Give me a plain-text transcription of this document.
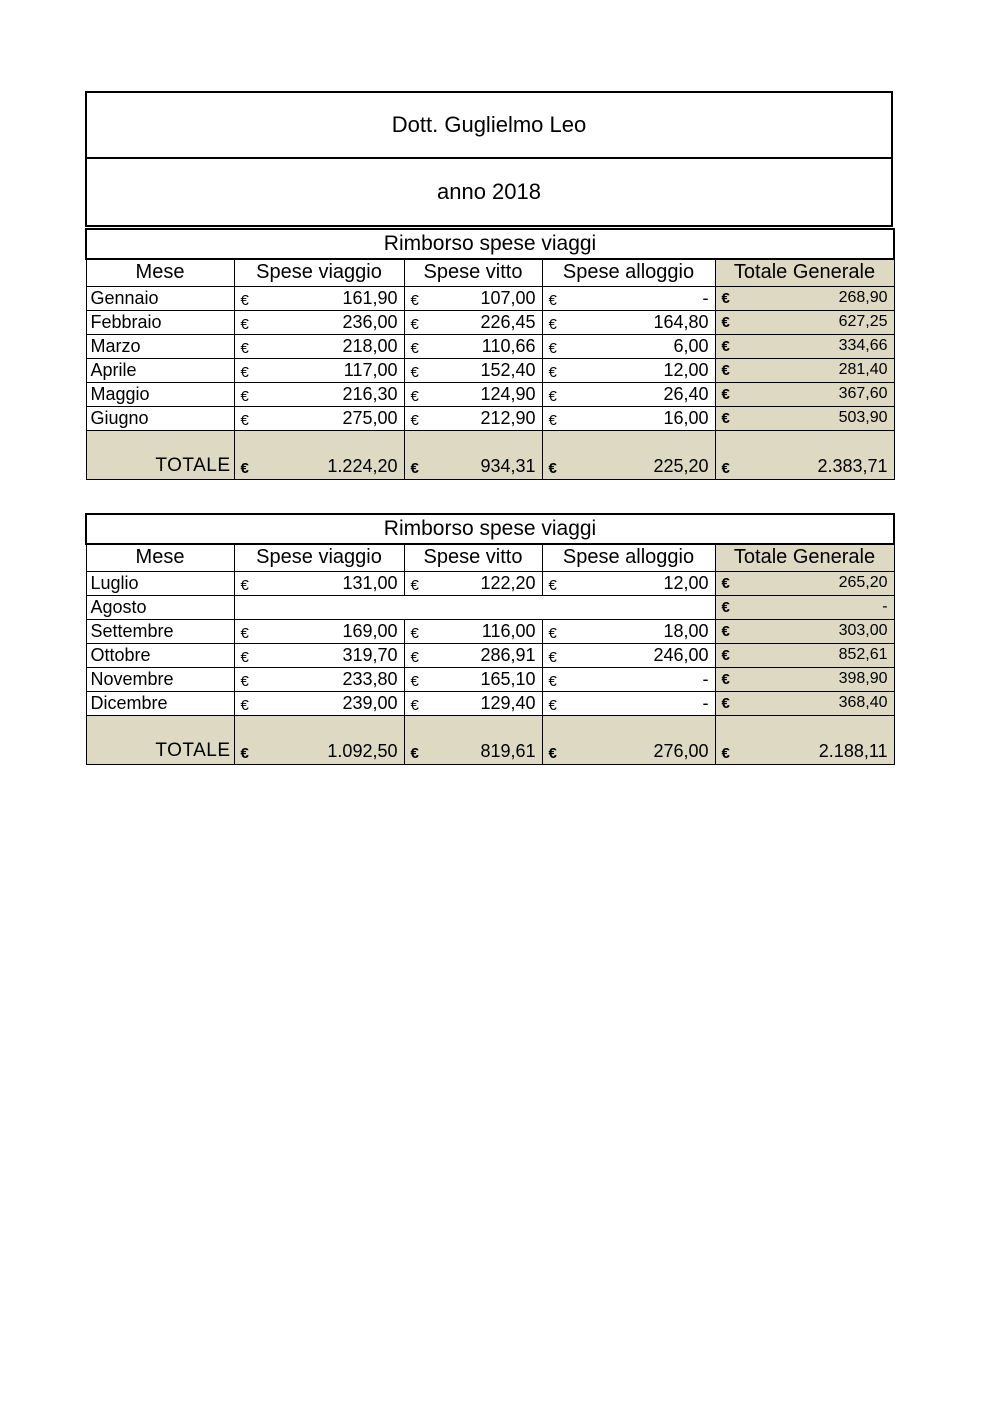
Dott. Guglielmo Leo
anno 2018
Rimborso spese viaggi				
Mese	Spese viaggio	Spese vitto	Spese alloggio	Totale Generale
Gennaio	€ 161,90	€ 107,00	€ -	€ 268,90

Febbraio	€ 236,00	€ 226,45	€ 164,80	€ 627,25

Marzo	€ 218,00	€ 110,66	€ 6,00	€ 334,66

Aprile	€ 117,00	€ 152,40	€ 12,00	€ 281,40

Maggio	€ 216,30	€ 124,90	€ 26,40	€ 367,60

Giugno	€ 275,00	€ 212,90	€ 16,00	€ 503,90

TOTALE	€ 1.224,20	€ 934,31	€ 225,20	€ 2.383,71
Rimborso spese viaggi				
Mese	Spese viaggio	Spese vitto	Spese alloggio	Totale Generale
Luglio	€ 131,00	€ 122,20	€ 12,00	€ 265,20

Agosto				€ -

Settembre	€ 169,00	€ 116,00	€ 18,00	€ 303,00

Ottobre	€ 319,70	€ 286,91	€ 246,00	€ 852,61

Novembre	€ 233,80	€ 165,10	€ -	€ 398,90

Dicembre	€ 239,00	€ 129,40	€ -	€ 368,40

TOTALE	€ 1.092,50	€ 819,61	€ 276,00	€ 2.188,11
